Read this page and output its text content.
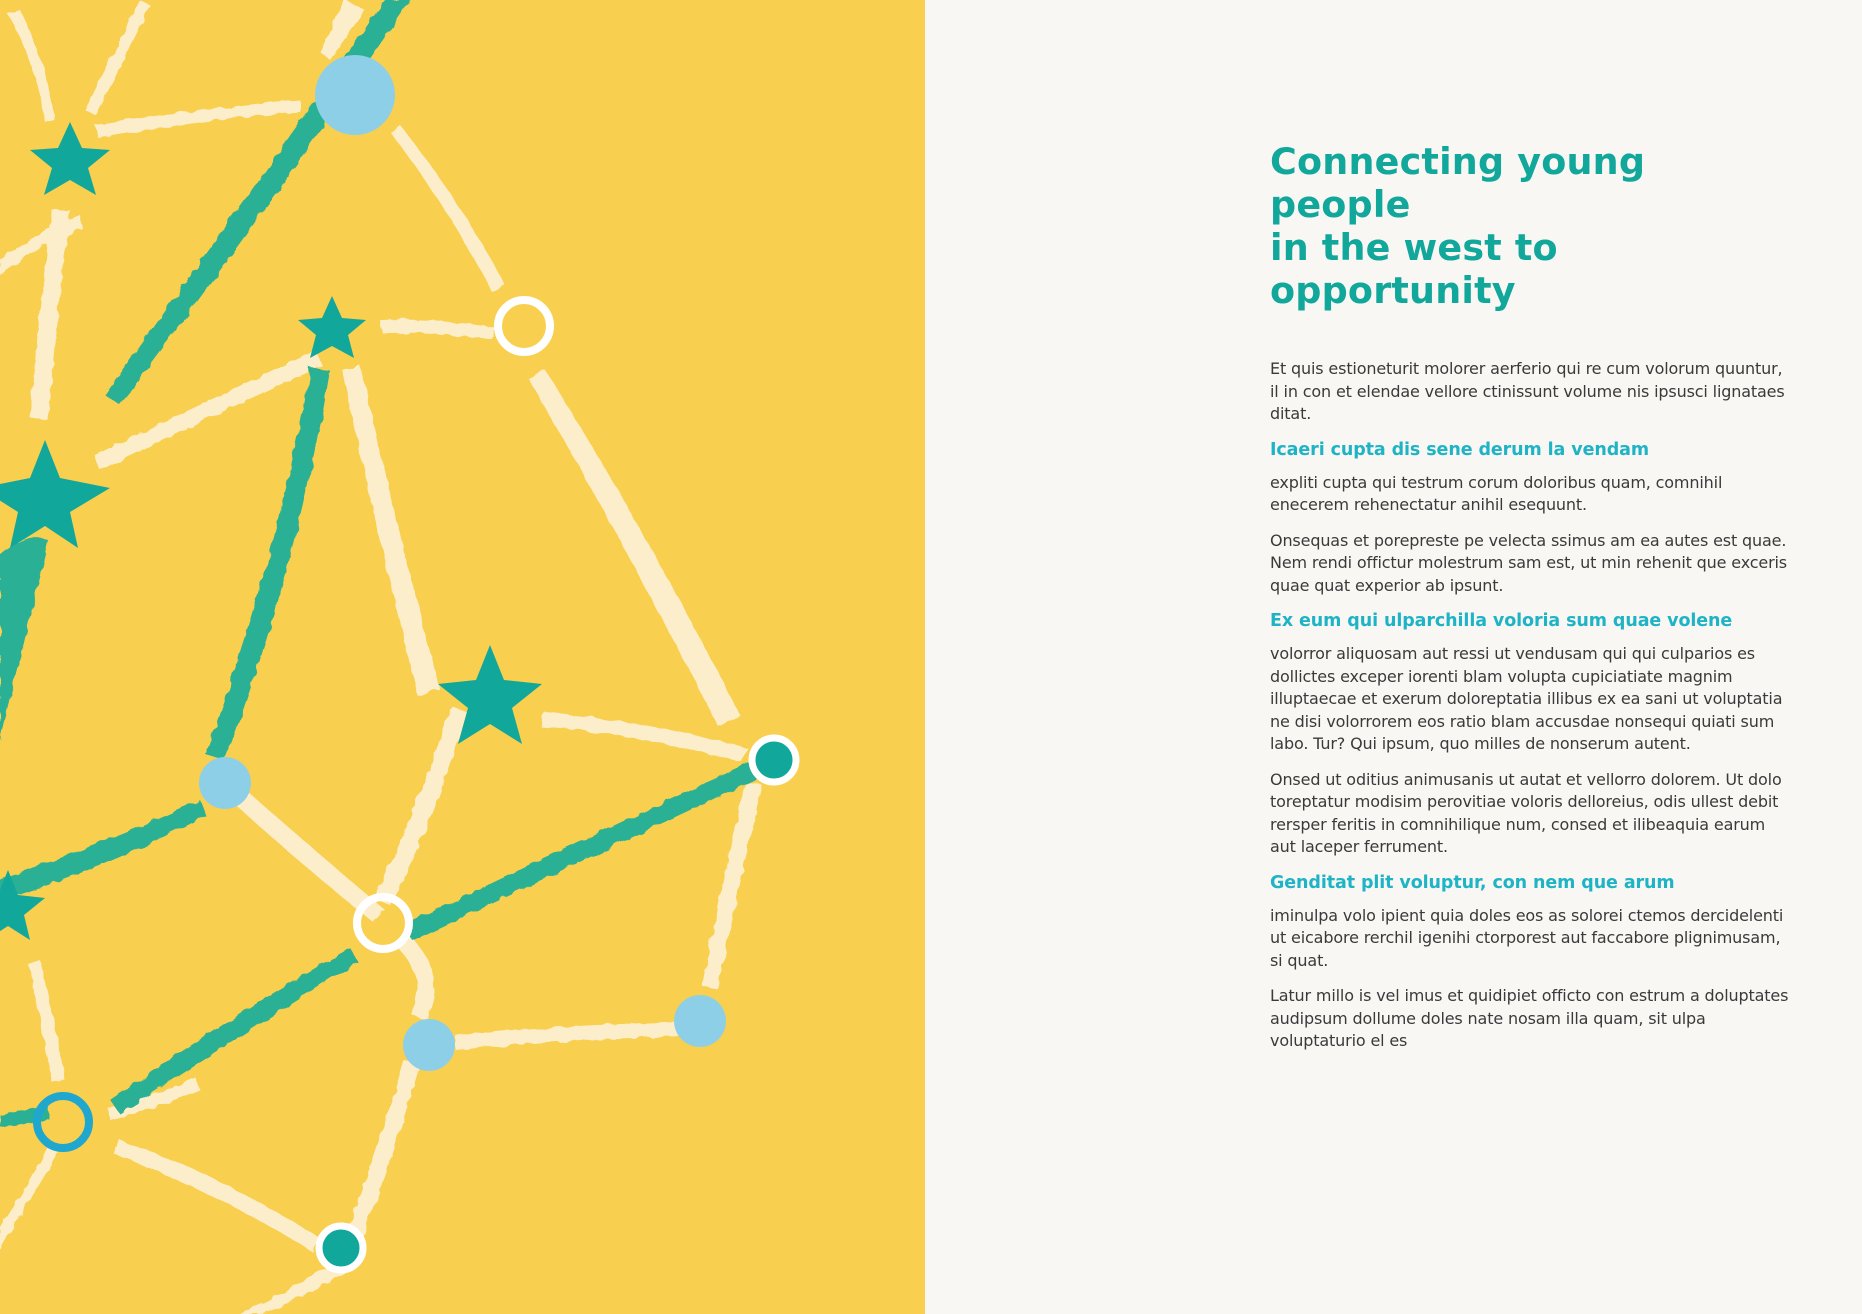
Connecting young people
in the west to opportunity

Et quis estioneturit molorer aerferio qui re cum volorum quuntur, il in con et elendae vellore ctinissunt volume nis ipsusci lignataes ditat.

Icaeri cupta dis sene derum la vendam

expliti cupta qui testrum corum doloribus quam, comnihil enecerem rehenectatur anihil esequunt.

Onsequas et porepreste pe velecta ssimus am ea autes est quae. Nem rendi offictur molestrum sam est, ut min rehenit que exceris quae quat experior ab ipsunt.

Ex eum qui ulparchilla voloria sum quae volene

volorror aliquosam aut ressi ut vendusam qui qui culparios es dollictes exceper iorenti blam volupta cupiciatiate magnim illuptaecae et exerum doloreptatia illibus ex ea sani ut voluptatia ne disi volorrorem eos ratio blam accusdae nonsequi quiati sum labo. Tur? Qui ipsum, quo milles de nonserum autent.

Onsed ut oditius animusanis ut autat et vellorro dolorem. Ut dolo toreptatur modisim perovitiae voloris delloreius, odis ullest debit rersper feritis in comnihilique num, consed et ilibeaquia earum aut laceper ferrument.

Genditat plit voluptur, con nem que arum

iminulpa volo ipient quia doles eos as solorei ctemos dercidelenti ut eicabore rerchil igenihi ctorporest aut faccabore plignimusam, si quat.

Latur millo is vel imus et quidipiet officto con estrum a doluptates audipsum dollume doles nate nosam illa quam, sit ulpa voluptaturio el es
